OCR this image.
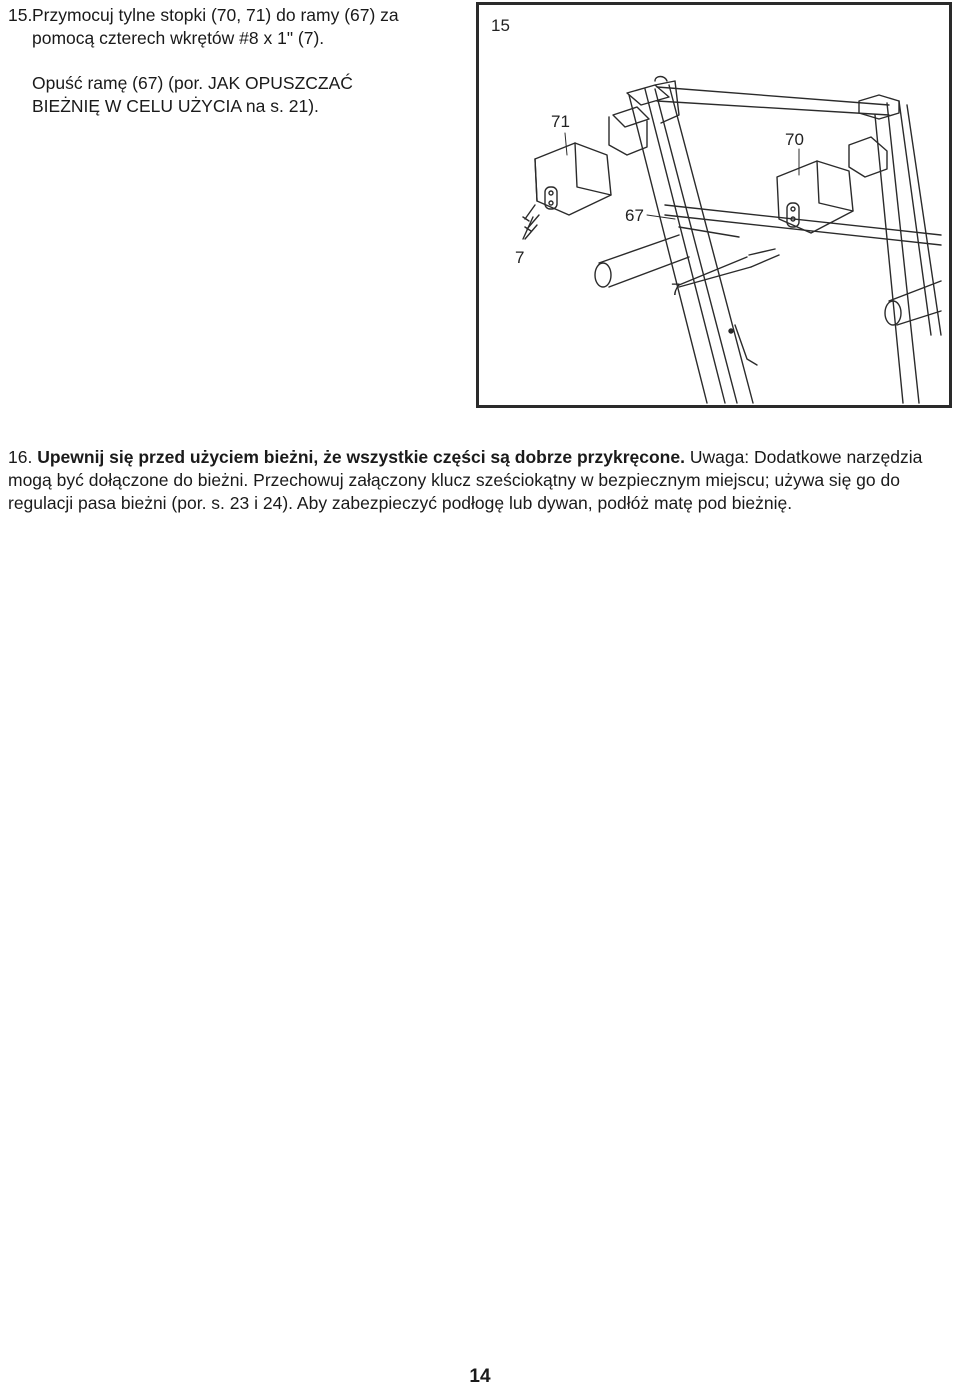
15.Przymocuj tylne stopki (70, 71) do ramy (67) za
pomocą czterech wkrętów #8 x 1" (7).
Opuść ramę (67) (por. JAK OPUSZCZAĆ
BIEŻNIĘ W CELU UŻYCIA na s. 21).
15
71
70
67
7
7
16. Upewnij się przed użyciem bieżni, że wszystkie części są dobrze przykręcone. Uwaga: Dodatkowe narzędzia mogą być dołączone do bieżni. Przechowuj załączony klucz sześciokątny w bezpiecznym miejscu; używa się go do regulacji pasa bieżni (por. s. 23 i 24). Aby zabezpieczyć podłogę lub dywan, podłóż matę pod bieżnię.
14
